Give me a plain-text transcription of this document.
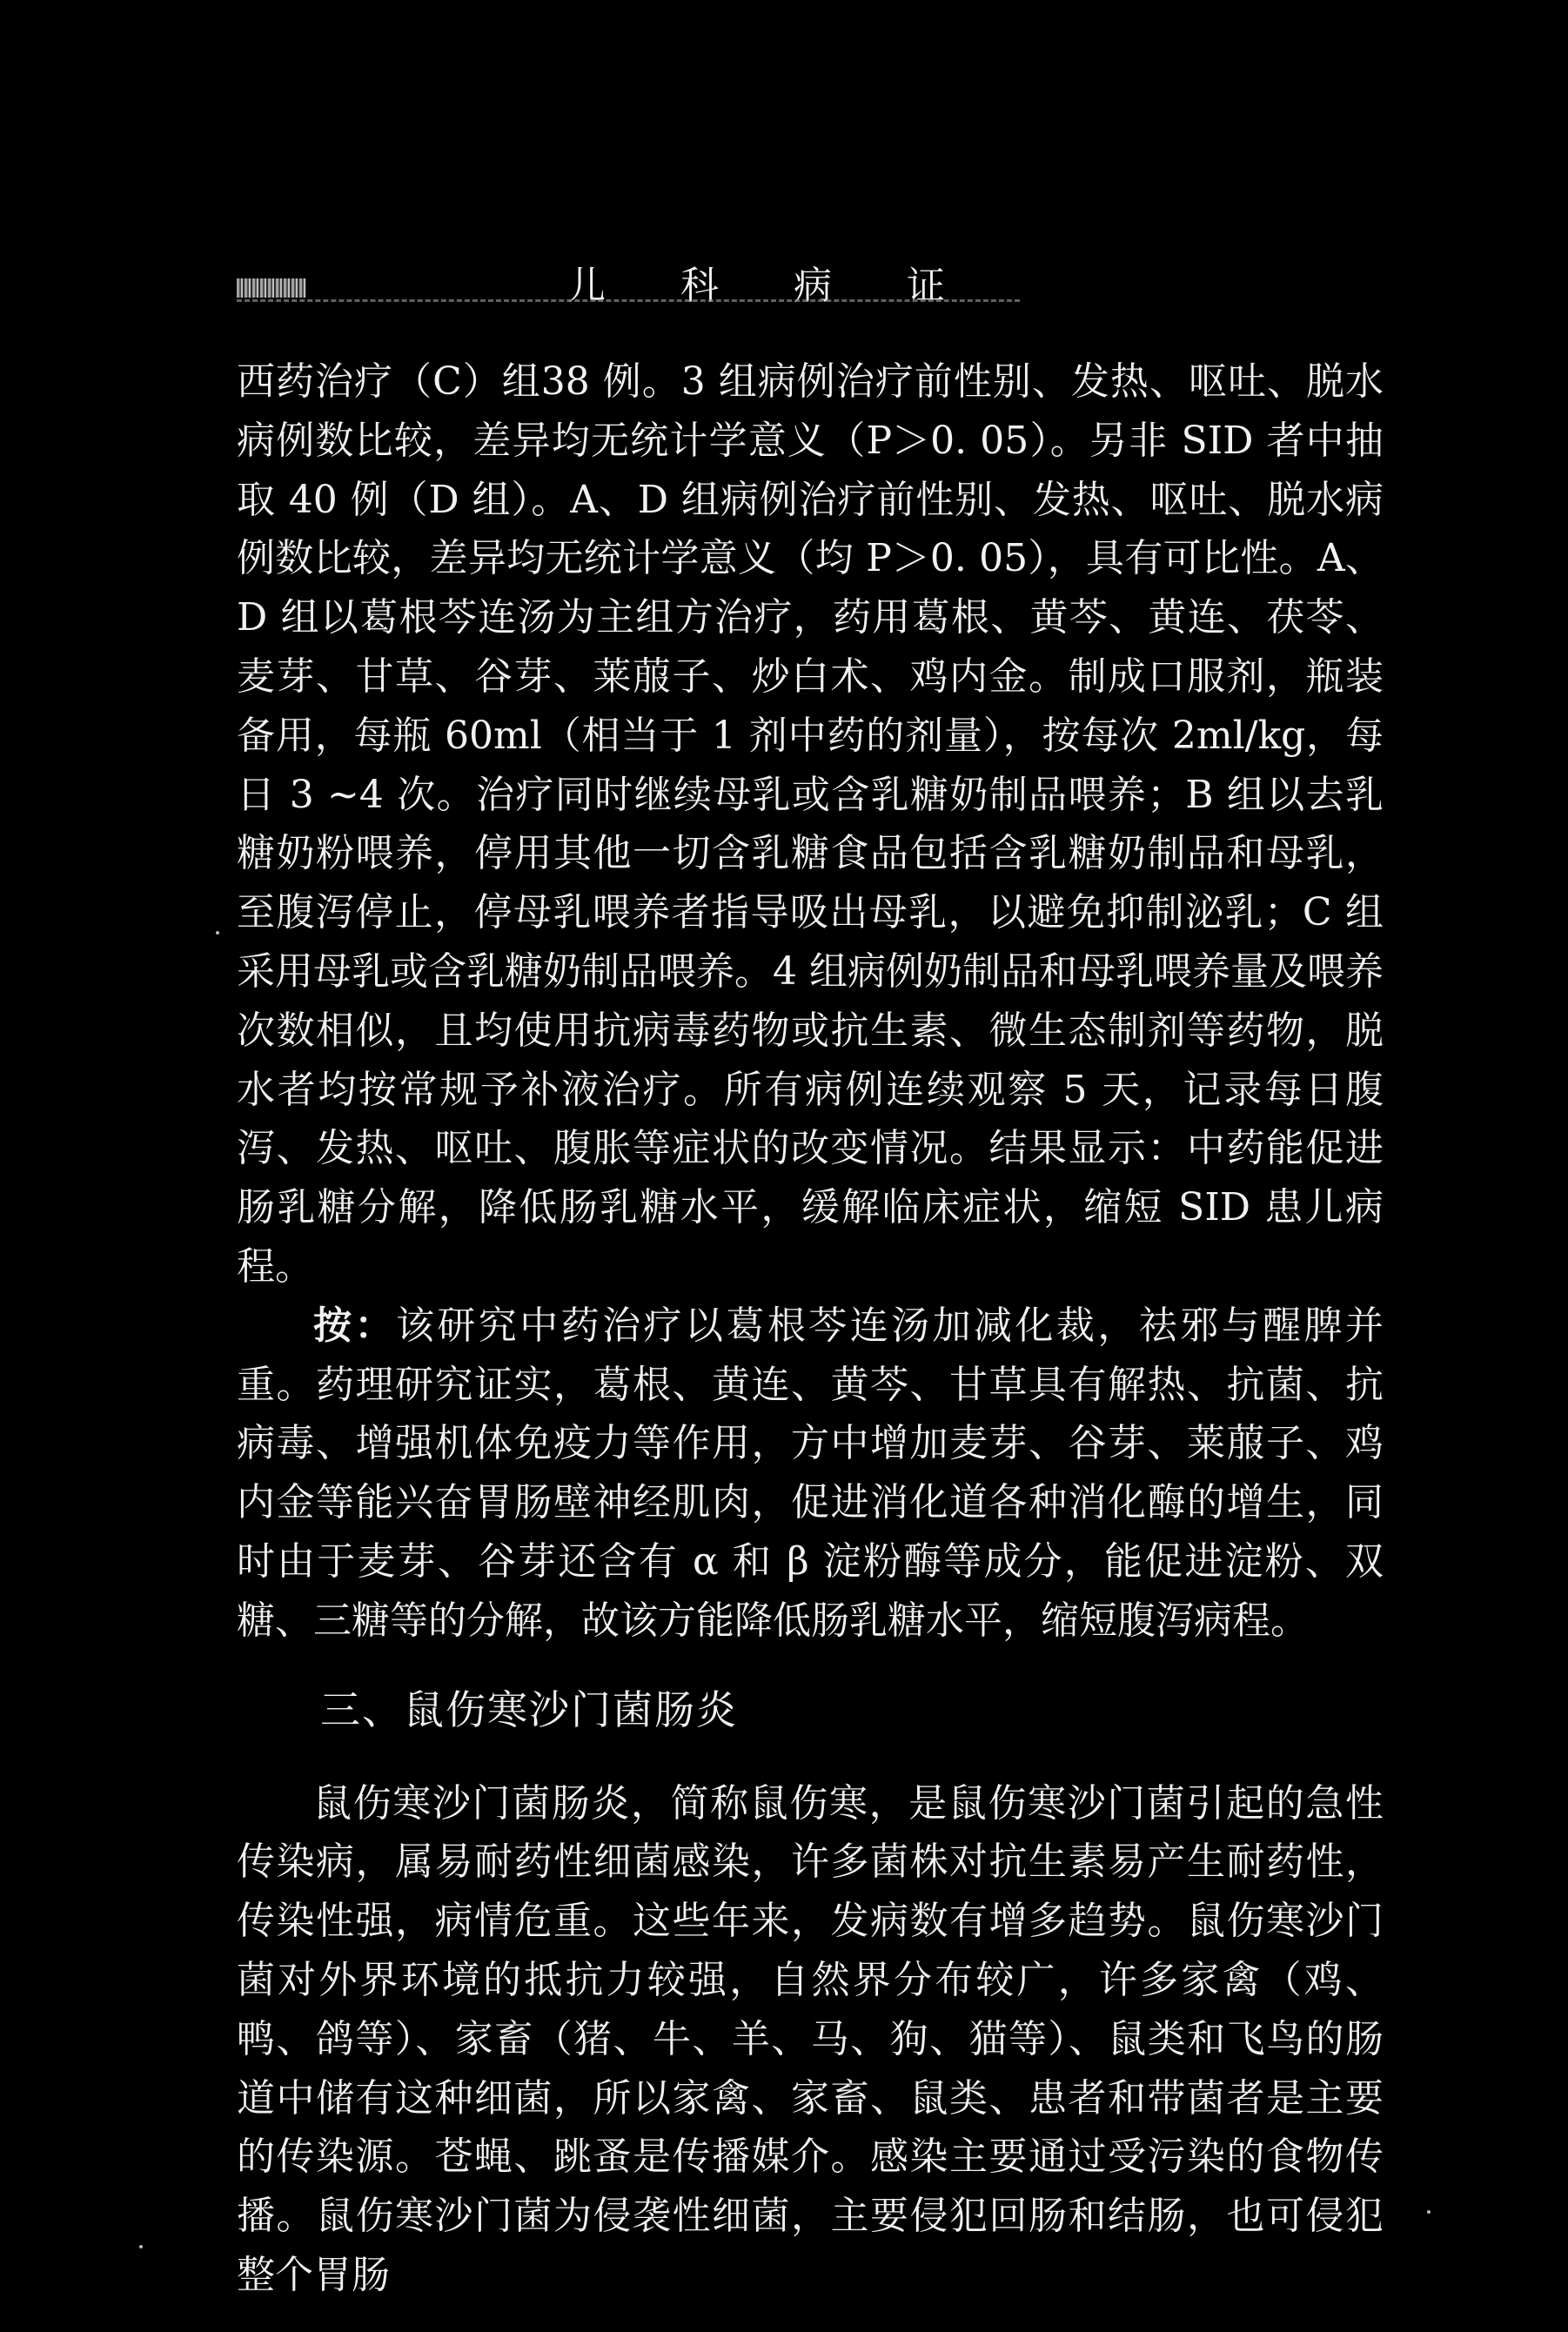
儿 科 病 证

西药治疗（C）组38 例。3 组病例治疗前性别、发热、呕吐、脱水病例数比较，差异均无统计学意义（P＞0. 05）。另非 SID 者中抽取 40 例（D 组）。A、D 组病例治疗前性别、发热、呕吐、脱水病例数比较，差异均无统计学意义（均 P＞0. 05），具有可比性。A、D 组以葛根芩连汤为主组方治疗，药用葛根、黄芩、黄连、茯苓、麦芽、甘草、谷芽、莱菔子、炒白术、鸡内金。制成口服剂，瓶装备用，每瓶 60ml（相当于 1 剂中药的剂量），按每次 2ml/kg，每日 3 ~4 次。治疗同时继续母乳或含乳糖奶制品喂养；B 组以去乳糖奶粉喂养，停用其他一切含乳糖食品包括含乳糖奶制品和母乳，至腹泻停止，停母乳喂养者指导吸出母乳，以避免抑制泌乳；C 组采用母乳或含乳糖奶制品喂养。4 组病例奶制品和母乳喂养量及喂养次数相似，且均使用抗病毒药物或抗生素、微生态制剂等药物，脱水者均按常规予补液治疗。所有病例连续观察 5 天，记录每日腹泻、发热、呕吐、腹胀等症状的改变情况。结果显示：中药能促进肠乳糖分解，降低肠乳糖水平，缓解临床症状，缩短 SID 患儿病程。

按：该研究中药治疗以葛根芩连汤加减化裁，祛邪与醒脾并重。药理研究证实，葛根、黄连、黄芩、甘草具有解热、抗菌、抗病毒、增强机体免疫力等作用，方中增加麦芽、谷芽、莱菔子、鸡内金等能兴奋胃肠壁神经肌肉，促进消化道各种消化酶的增生，同时由于麦芽、谷芽还含有 α 和 β 淀粉酶等成分，能促进淀粉、双糖、三糖等的分解，故该方能降低肠乳糖水平，缩短腹泻病程。

三、鼠伤寒沙门菌肠炎

鼠伤寒沙门菌肠炎，简称鼠伤寒，是鼠伤寒沙门菌引起的急性传染病，属易耐药性细菌感染，许多菌株对抗生素易产生耐药性，传染性强，病情危重。这些年来，发病数有增多趋势。鼠伤寒沙门菌对外界环境的抵抗力较强，自然界分布较广，许多家禽（鸡、鸭、鸽等）、家畜（猪、牛、羊、马、狗、猫等）、鼠类和飞鸟的肠道中储有这种细菌，所以家禽、家畜、鼠类、患者和带菌者是主要的传染源。苍蝇、跳蚤是传播媒介。感染主要通过受污染的食物传播。鼠伤寒沙门菌为侵袭性细菌，主要侵犯回肠和结肠，也可侵犯整个胃肠
